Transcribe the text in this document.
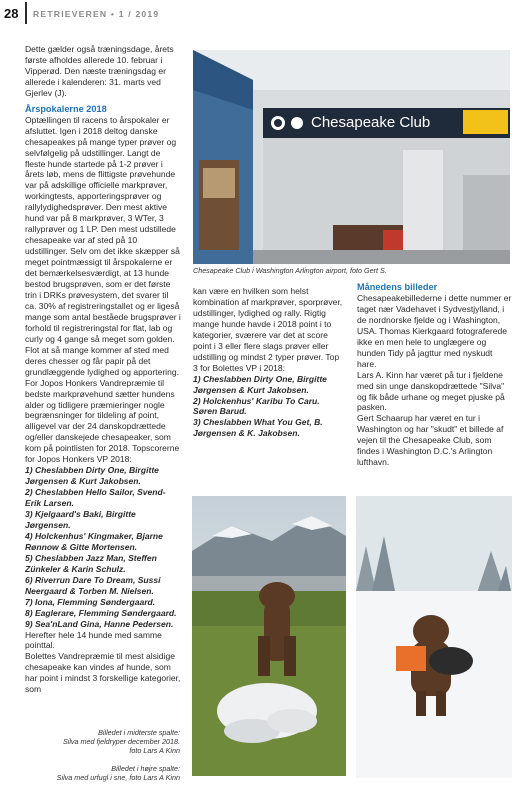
28 RETRIEVEREN • 1 / 2019

Dette gælder også træningsdage, årets første afholdes allerede 10. februar i Vipperød. Den næste træningsdag er allerede i kalenderen: 31. marts ved Gjerlev (J).

Årspokalerne 2018

Optællingen til racens to årspokaler er afsluttet. Igen i 2018 deltog danske chesapeakes på mange typer prøver og selvfølgelig på udstillinger. Langt de fleste hunde startede på 1-2 prøver i årets løb, mens de flittigste prøvehunde var på adskillige officielle markprøver, workingtests, apporteringsprøver og rallylydighedsprøver. Den mest aktive hund var på 8 markprøver, 3 WTer, 3 rallyprøver og 1 LP. Den mest udstillede chesapeake var af sted på 10 udstillinger. Selv om det ikke skæpper så meget pointmæssigt til årspokalerne er det bemærkelsesværdigt, at 13 hunde bestod brugsprøven, som er det første trin i DRKs prøvesystem, det svarer til ca. 30% af registreringstallet og er ligeså mange som antal beståede brugsprøver i forhold til registreringstal for flat, lab og curly og 4 gange så meget som golden. Flot at så mange kommer af sted med deres chesser og får papir på det grundlæggende lydighed og apportering.

For Jopos Honkers Vandrepræmie til bedste markprøvehund sætter hundens alder og tidligere præmieringer nogle begrænsninger for tildeling af point, alligevel var der 24 danskopdrættede og/eller danskejede chesapeaker, som kom på pointlisten for 2018. Topscorerne for Jopos Honkers VP 2018:

1) Cheslabben Dirty One, Birgitte Jørgensen & Kurt Jakobsen.

2) Cheslabben Hello Sailor, Svend-Erik Larsen.

3) Kjelgaard's Baki, Birgitte Jørgensen.

4) Holckenhus' Kingmaker, Bjarne Rønnow & Gitte Mortensen.

5) Cheslabben Jazz Man, Steffen Zünkeler & Karin Schulz.

6) Riverrun Dare To Dream, Sussi Neergaard & Torben M. Nielsen.

7) Iona, Flemming Søndergaard.

8) Eaglerare, Flemming Søndergaard.

9) Sea'nLand Gina, Hanne Pedersen.

Herefter hele 14 hunde med samme pointtal.

Bolettes Vandrepræmie til mest alsidige chesapeake kan vindes af hunde, som har point i mindst 3 forskellige kategorier, som

Chesapeake Club
Chesapeake Club i Washington Arlington airport, foto Gert S.

kan være en hvilken som helst kombination af markprøver, sporprøver, udstillinger, lydighed og rally. Rigtig mange hunde havde i 2018 point i to kategorier, sværere var det at score point i 3 eller flere slags prøver eller udstilling og mindst 2 typer prøver. Top 3 for Bolettes VP i 2018:

1) Cheslabben Dirty One, Birgitte Jørgensen & Kurt Jakobsen.

2) Holckenhus' Karibu To Caru. Søren Barud.

3) Cheslabben What You Get, B. Jørgensen & K. Jakobsen.

Månedens billeder

Chesapeakebillederne i dette nummer er taget nær Vadehavet i Sydvestjylland, i de nordnorske fjelde og i Washington, USA. Thomas Kierkgaard fotograferede ikke en men hele to unglægere og hunden Tidy på jagttur med nyskudt hare.

Lars A. Kinn har været på tur i fjeldene med sin unge danskopdrættede "Silva" og fik både urhane og meget pjuske på pasken.

Gert Schaarup har været en tur i Washington og har "skudt" et billede af vejen til the Chesapeake Club, som findes i Washington D.C.'s Arlington lufthavn.

Billedet i midterste spalte:
Silva med fjeldryper december 2018.
foto Lars A Kinn
Billedet i højre spalte:
Silva med urfugl i sne, foto Lars A Kinn
